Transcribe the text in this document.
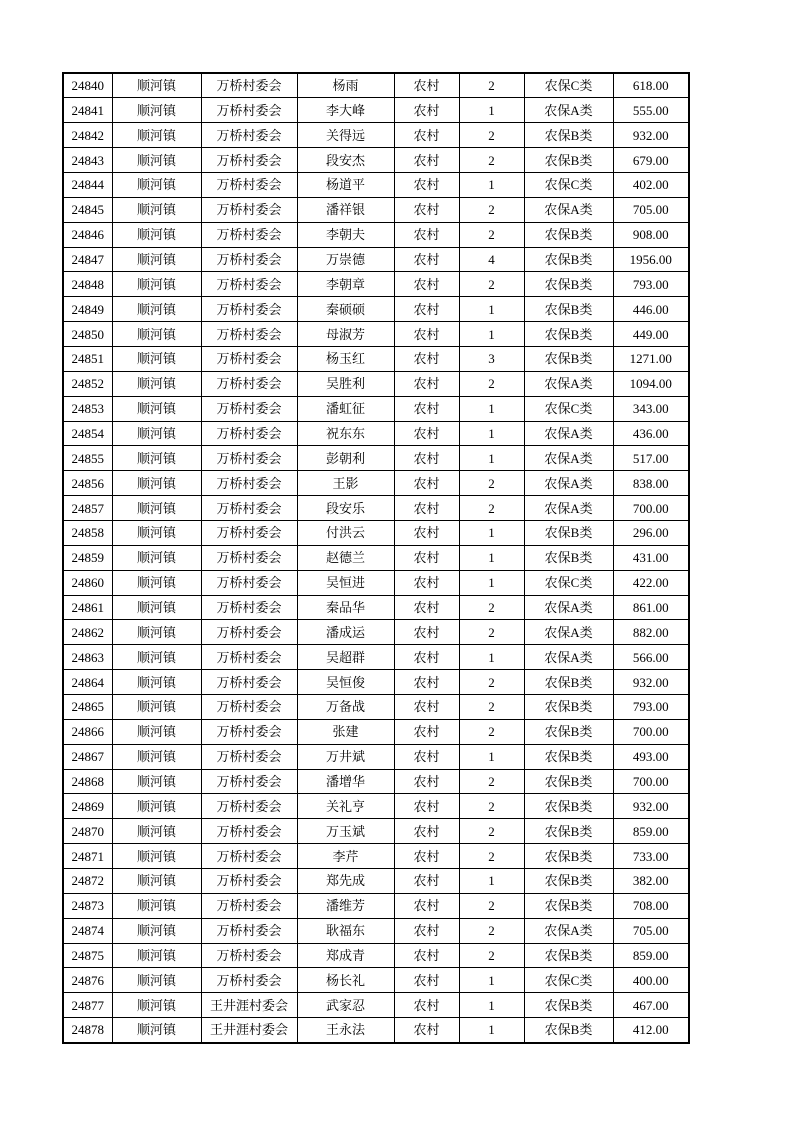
24840	顺河镇	万桥村委会	杨雨	农村	2	农保C类	618.00
24841	顺河镇	万桥村委会	李大峰	农村	1	农保A类	555.00
24842	顺河镇	万桥村委会	关得远	农村	2	农保B类	932.00
24843	顺河镇	万桥村委会	段安杰	农村	2	农保B类	679.00
24844	顺河镇	万桥村委会	杨道平	农村	1	农保C类	402.00
24845	顺河镇	万桥村委会	潘祥银	农村	2	农保A类	705.00
24846	顺河镇	万桥村委会	李朝夫	农村	2	农保B类	908.00
24847	顺河镇	万桥村委会	万崇德	农村	4	农保B类	1956.00
24848	顺河镇	万桥村委会	李朝章	农村	2	农保B类	793.00
24849	顺河镇	万桥村委会	秦硕硕	农村	1	农保B类	446.00
24850	顺河镇	万桥村委会	母淑芳	农村	1	农保B类	449.00
24851	顺河镇	万桥村委会	杨玉红	农村	3	农保B类	1271.00
24852	顺河镇	万桥村委会	吴胜利	农村	2	农保A类	1094.00
24853	顺河镇	万桥村委会	潘虹征	农村	1	农保C类	343.00
24854	顺河镇	万桥村委会	祝东东	农村	1	农保A类	436.00
24855	顺河镇	万桥村委会	彭朝利	农村	1	农保A类	517.00
24856	顺河镇	万桥村委会	王影	农村	2	农保A类	838.00
24857	顺河镇	万桥村委会	段安乐	农村	2	农保A类	700.00
24858	顺河镇	万桥村委会	付洪云	农村	1	农保B类	296.00
24859	顺河镇	万桥村委会	赵德兰	农村	1	农保B类	431.00
24860	顺河镇	万桥村委会	吴恒进	农村	1	农保C类	422.00
24861	顺河镇	万桥村委会	秦品华	农村	2	农保A类	861.00
24862	顺河镇	万桥村委会	潘成运	农村	2	农保A类	882.00
24863	顺河镇	万桥村委会	吴超群	农村	1	农保A类	566.00
24864	顺河镇	万桥村委会	吴恒俊	农村	2	农保B类	932.00
24865	顺河镇	万桥村委会	万备战	农村	2	农保B类	793.00
24866	顺河镇	万桥村委会	张建	农村	2	农保B类	700.00
24867	顺河镇	万桥村委会	万井斌	农村	1	农保B类	493.00
24868	顺河镇	万桥村委会	潘增华	农村	2	农保B类	700.00
24869	顺河镇	万桥村委会	关礼亨	农村	2	农保B类	932.00
24870	顺河镇	万桥村委会	万玉斌	农村	2	农保B类	859.00
24871	顺河镇	万桥村委会	李芹	农村	2	农保B类	733.00
24872	顺河镇	万桥村委会	郑先成	农村	1	农保B类	382.00
24873	顺河镇	万桥村委会	潘维芳	农村	2	农保B类	708.00
24874	顺河镇	万桥村委会	耿福东	农村	2	农保A类	705.00
24875	顺河镇	万桥村委会	郑成青	农村	2	农保B类	859.00
24876	顺河镇	万桥村委会	杨长礼	农村	1	农保C类	400.00
24877	顺河镇	王井涯村委会	武家忍	农村	1	农保B类	467.00
24878	顺河镇	王井涯村委会	王永法	农村	1	农保B类	412.00
